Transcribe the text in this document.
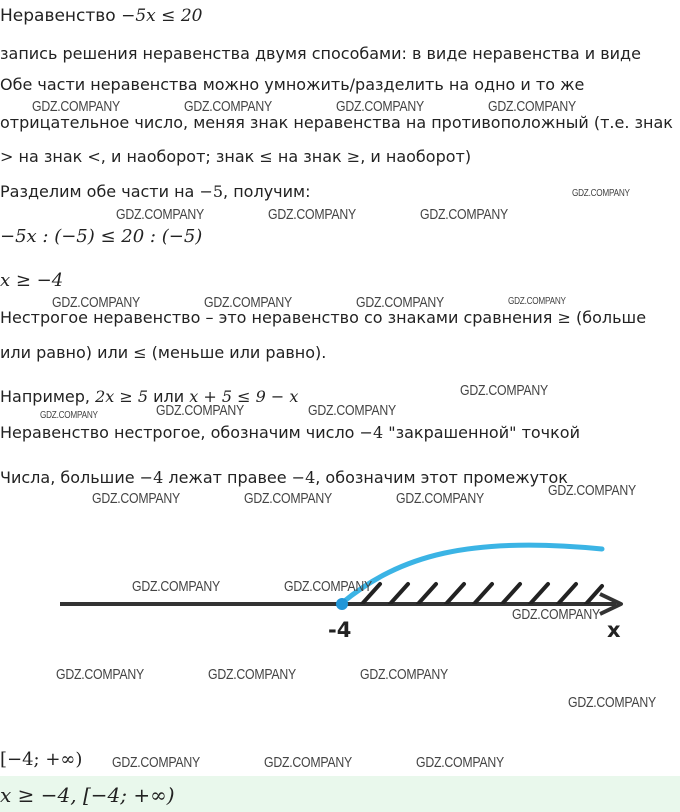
Неравенство −5x ≤ 20
запись решения неравенства двумя способами: в виде неравенства и виде
Обе части неравенства можно умножить/разделить на одно и то же
отрицательное число, меняя знак неравенства на противоположный (т.е. знак
> на знак <, и наоборот; знак ≤ на знак ≥, и наоборот)
Разделим обе части на −5, получим:
−5x : (−5) ≤ 20 : (−5)
x ≥ −4
Нестрогое неравенство – это неравенство со знаками сравнения ≥ (больше
или равно) или ≤ (меньше или равно).
Например, 2x ≥ 5 или x + 5 ≤ 9 − x
Неравенство нестрогое, обозначим число −4 "закрашенной" точкой
Числа, большие −4 лежат правее −4, обозначим этот промежуток
-4	x
[−4; +∞)
x ≥ −4, [−4; +∞)
GDZ.COMPANY	GDZ.COMPANY	GDZ.COMPANY	GDZ.COMPANY
GDZ.COMPANY
GDZ.COMPANY	GDZ.COMPANY	GDZ.COMPANY
GDZ.COMPANY	GDZ.COMPANY	GDZ.COMPANY	GDZ.COMPANY
GDZ.COMPANY
GDZ.COMPANY	GDZ.COMPANY	GDZ.COMPANY
GDZ.COMPANY
GDZ.COMPANY	GDZ.COMPANY	GDZ.COMPANY
GDZ.COMPANY	GDZ.COMPANY
GDZ.COMPANY
GDZ.COMPANY	GDZ.COMPANY	GDZ.COMPANY
GDZ.COMPANY
GDZ.COMPANY	GDZ.COMPANY	GDZ.COMPANY
